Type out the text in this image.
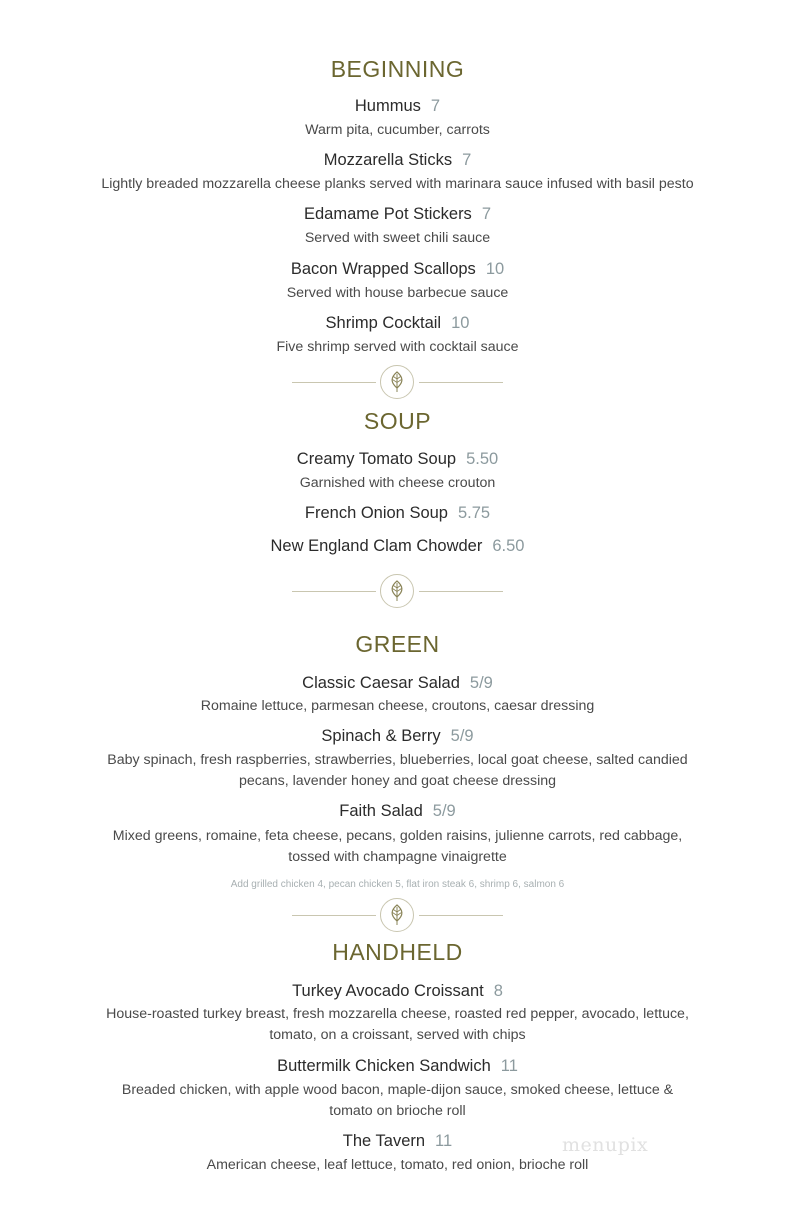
BEGINNING
Hummus 7
Warm pita, cucumber, carrots
Mozzarella Sticks 7
Lightly breaded mozzarella cheese planks served with marinara sauce infused with basil pesto
Edamame Pot Stickers 7
Served with sweet chili sauce
Bacon Wrapped Scallops 10
Served with house barbecue sauce
Shrimp Cocktail 10
Five shrimp served with cocktail sauce
SOUP
Creamy Tomato Soup 5.50
Garnished with cheese crouton
French Onion Soup 5.75
New England Clam Chowder 6.50
GREEN
Classic Caesar Salad 5/9
Romaine lettuce, parmesan cheese, croutons, caesar dressing
Spinach & Berry 5/9
Baby spinach, fresh raspberries, strawberries, blueberries, local goat cheese, salted candied
pecans, lavender honey and goat cheese dressing
Faith Salad 5/9
Mixed greens, romaine, feta cheese, pecans, golden raisins, julienne carrots, red cabbage,
tossed with champagne vinaigrette
Add grilled chicken 4, pecan chicken 5, flat iron steak 6, shrimp 6, salmon 6
HANDHELD
Turkey Avocado Croissant 8
House-roasted turkey breast, fresh mozzarella cheese, roasted red pepper, avocado, lettuce,
tomato, on a croissant, served with chips
Buttermilk Chicken Sandwich 11
Breaded chicken, with apple wood bacon, maple-dijon sauce, smoked cheese, lettuce &
tomato on brioche roll
The Tavern 11
American cheese, leaf lettuce, tomato, red onion, brioche roll
menupix
